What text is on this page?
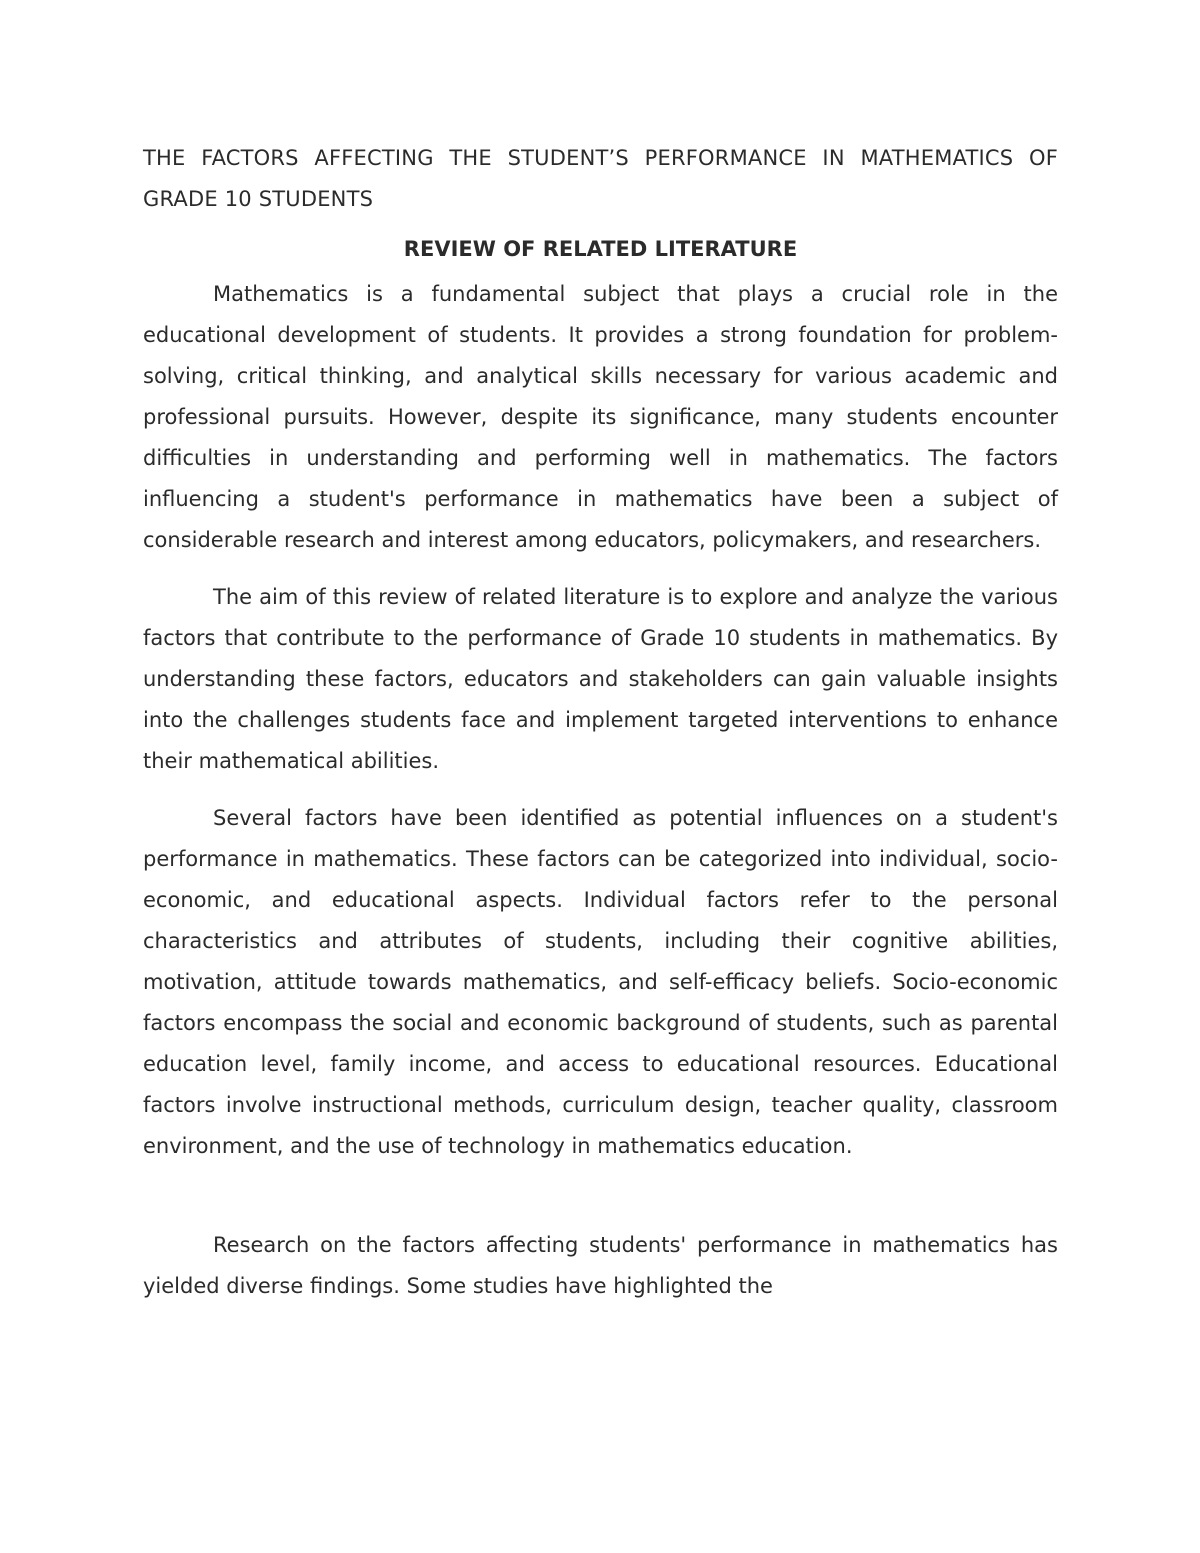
THE FACTORS AFFECTING THE STUDENT’S PERFORMANCE IN MATHEMATICS OF GRADE 10 STUDENTS

REVIEW OF RELATED LITERATURE

Mathematics is a fundamental subject that plays a crucial role in the educational development of students. It provides a strong foundation for problem-solving, critical thinking, and analytical skills necessary for various academic and professional pursuits. However, despite its significance, many students encounter difficulties in understanding and performing well in mathematics. The factors influencing a student's performance in mathematics have been a subject of considerable research and interest among educators, policymakers, and researchers.

The aim of this review of related literature is to explore and analyze the various factors that contribute to the performance of Grade 10 students in mathematics. By understanding these factors, educators and stakeholders can gain valuable insights into the challenges students face and implement targeted interventions to enhance their mathematical abilities.

Several factors have been identified as potential influences on a student's performance in mathematics. These factors can be categorized into individual, socio-economic, and educational aspects. Individual factors refer to the personal characteristics and attributes of students, including their cognitive abilities, motivation, attitude towards mathematics, and self-efficacy beliefs. Socio-economic factors encompass the social and economic background of students, such as parental education level, family income, and access to educational resources. Educational factors involve instructional methods, curriculum design, teacher quality, classroom environment, and the use of technology in mathematics education.

Research on the factors affecting students' performance in mathematics has yielded diverse findings. Some studies have highlighted the
